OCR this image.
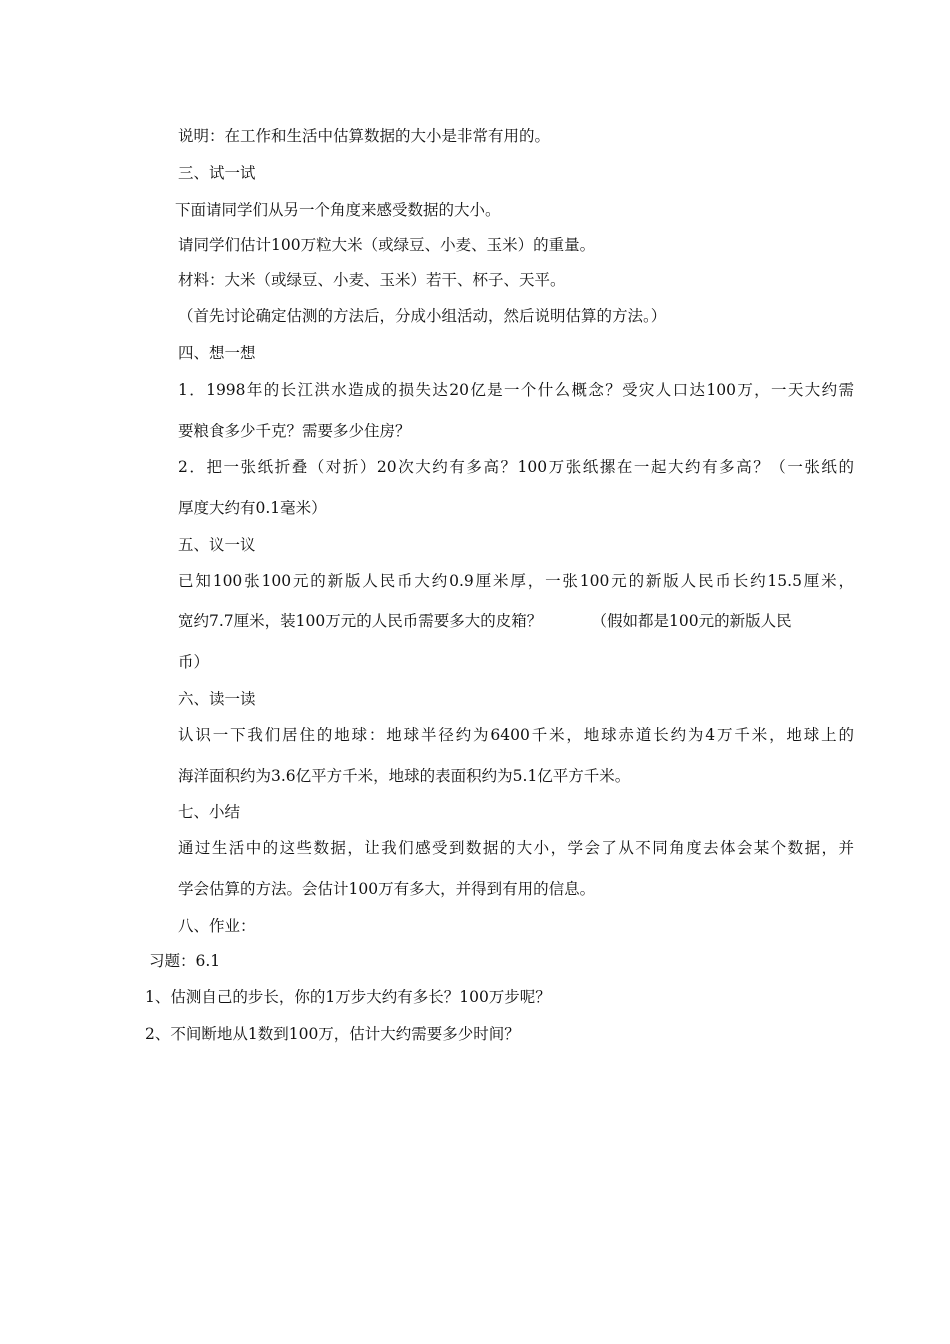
说明：在工作和生活中估算数据的大小是非常有用的。
三、试一试
下面请同学们从另一个角度来感受数据的大小。
请同学们估计100万粒大米（或绿豆、小麦、玉米）的重量。
材料：大米（或绿豆、小麦、玉米）若干、杯子、天平。
（首先讨论确定估测的方法后，分成小组活动，然后说明估算的方法。）
四、想一想
1．1998年的长江洪水造成的损失达20亿是一个什么概念？受灾人口达100万，一天大约需
要粮食多少千克？需要多少住房？
2．把一张纸折叠（对折）20次大约有多高？100万张纸摞在一起大约有多高？（一张纸的
厚度大约有0.1毫米）
五、议一议
已知100张100元的新版人民币大约0.9厘米厚，一张100元的新版人民币长约15.5厘米，
宽约7.7厘米，装100万元的人民币需要多大的皮箱？          （假如都是100元的新版人民
币）
六、读一读
认识一下我们居住的地球：地球半径约为6400千米，地球赤道长约为4万千米，地球上的
海洋面积约为3.6亿平方千米，地球的表面积约为5.1亿平方千米。
七、小结
通过生活中的这些数据，让我们感受到数据的大小，学会了从不同角度去体会某个数据，并
学会估算的方法。会估计100万有多大，并得到有用的信息。
八、作业：
习题：6.1
1、估测自己的步长，你的1万步大约有多长？100万步呢？
2、不间断地从1数到100万，估计大约需要多少时间？
